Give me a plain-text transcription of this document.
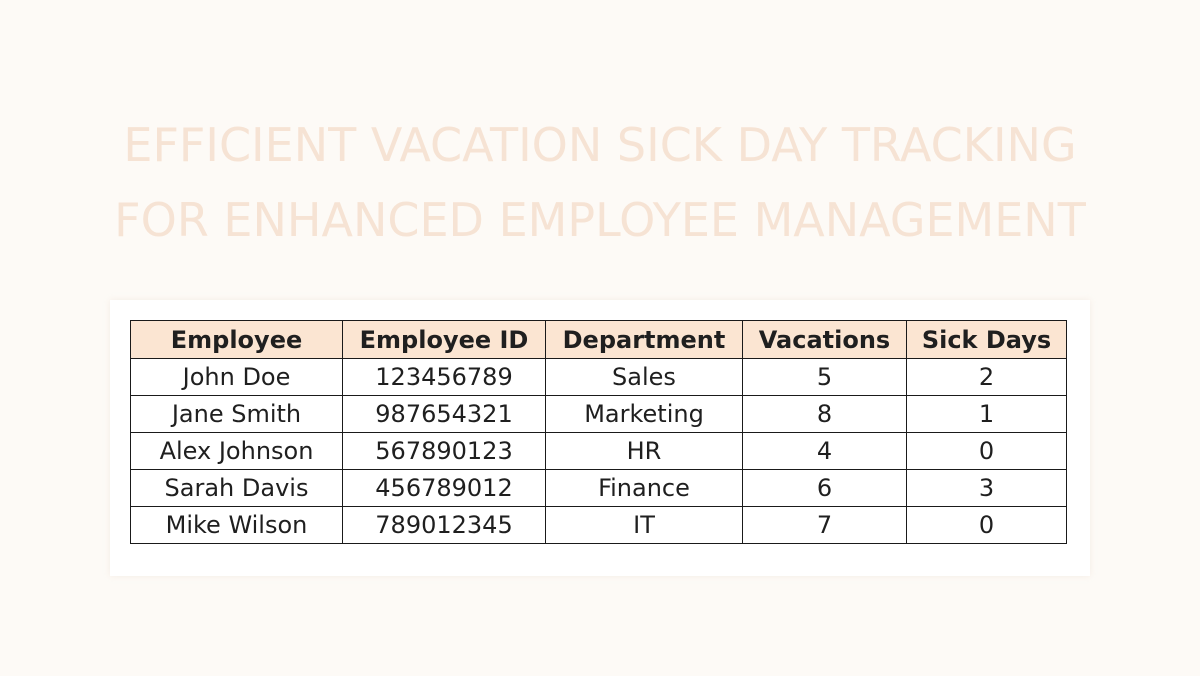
EFFICIENT VACATION SICK DAY TRACKING
FOR ENHANCED EMPLOYEE MANAGEMENT
Employee	Employee ID	Department	Vacations	Sick Days
John Doe	123456789	Sales	5	2
Jane Smith	987654321	Marketing	8	1
Alex Johnson	567890123	HR	4	0
Sarah Davis	456789012	Finance	6	3
Mike Wilson	789012345	IT	7	0
